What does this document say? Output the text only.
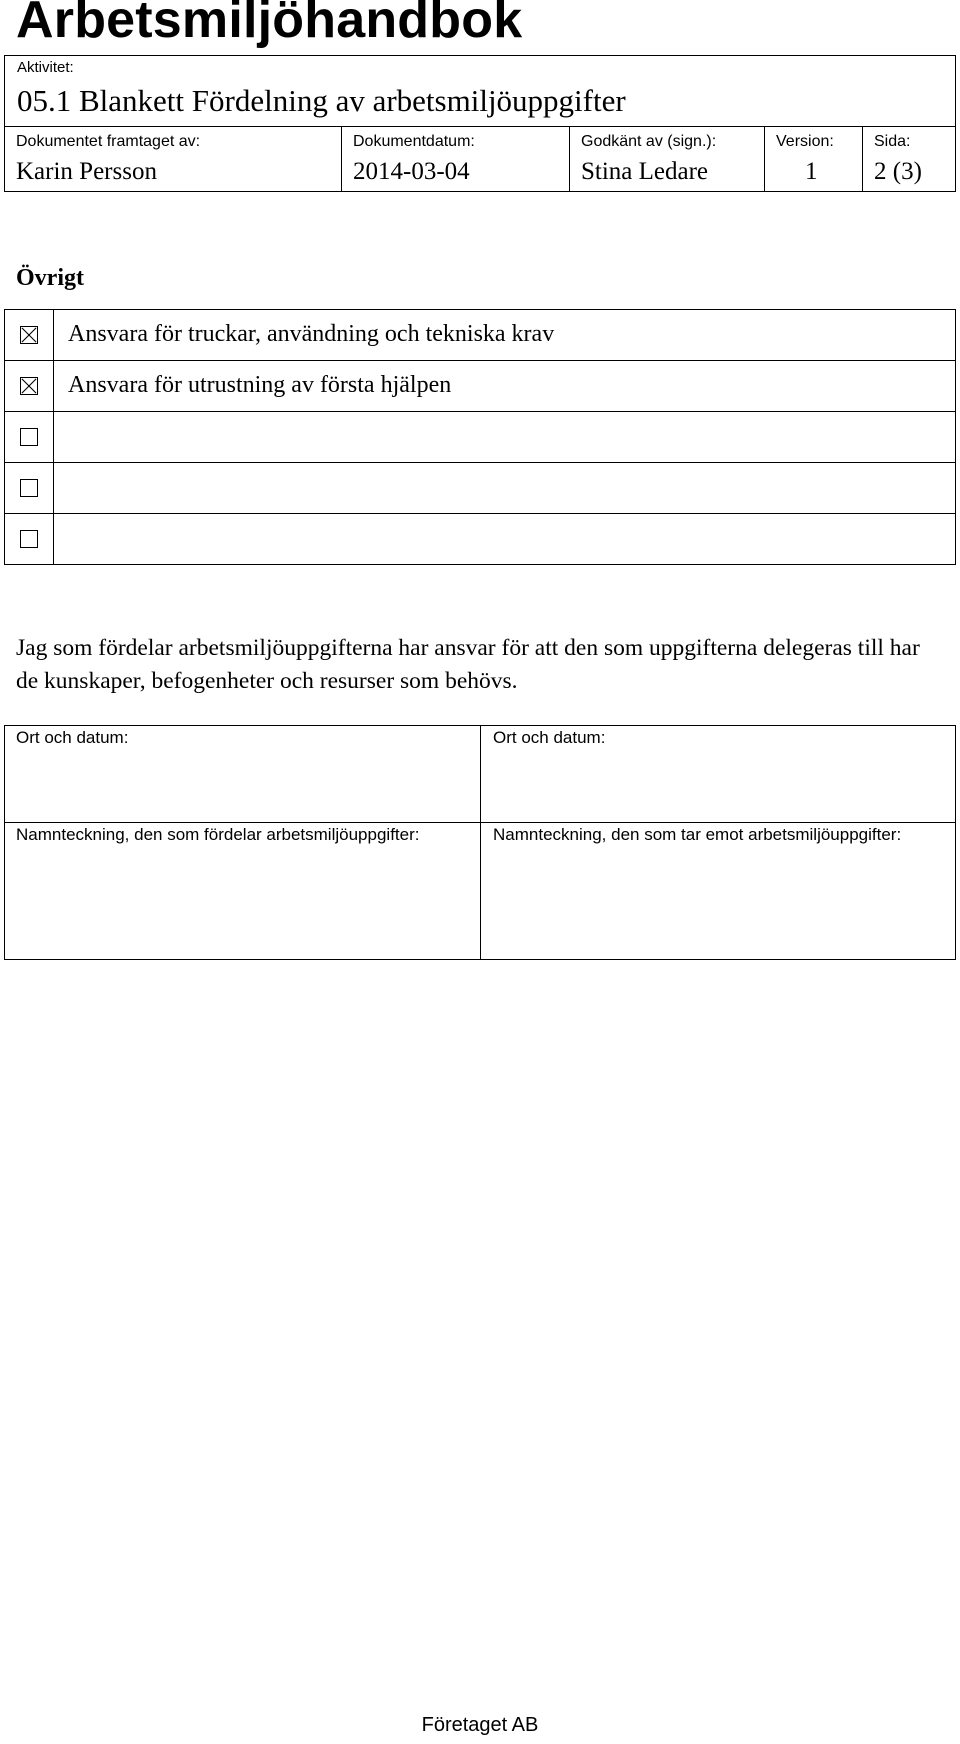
Arbetsmiljöhandbok
Aktivitet:
05.1 Blankett Fördelning av arbetsmiljöuppgifter
Dokumentet framtaget av:
Karin Persson
Dokumentdatum:
2014-03-04
Godkänt av (sign.):
Stina Ledare
Version:
1
Sida:
2 (3)
Övrigt
Ansvara för truckar, användning och tekniska krav
Ansvara för utrustning av första hjälpen
Jag som fördelar arbetsmiljöuppgifterna har ansvar för att den som uppgifterna delegeras till har de kunskaper, befogenheter och resurser som behövs.
Ort och datum:	Ort och datum:
Namnteckning, den som fördelar arbetsmiljöuppgifter:	Namnteckning, den som tar emot arbetsmiljöuppgifter:
Företaget AB
